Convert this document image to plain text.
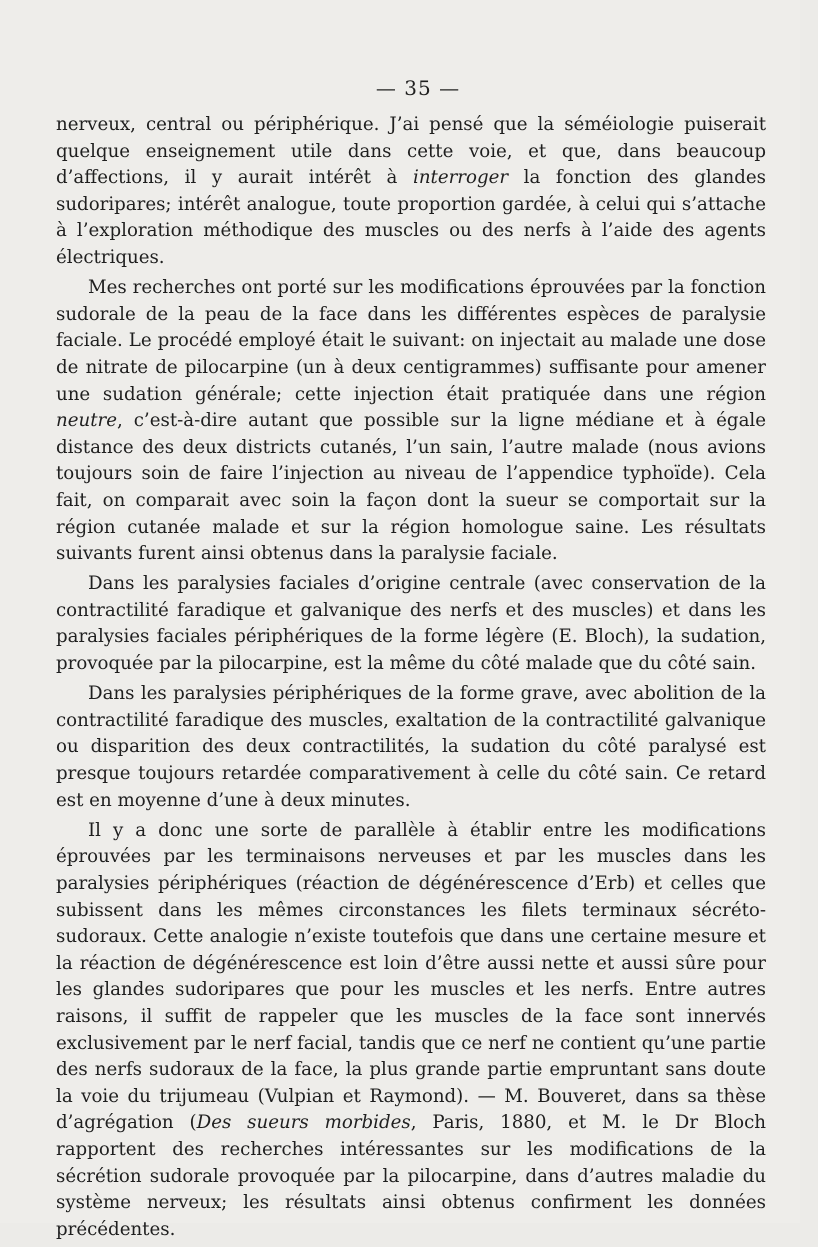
— 35 —

nerveux, central ou périphérique. J’ai pensé que la séméiologie puiserait quelque enseignement utile dans cette voie, et que, dans beaucoup d’affections, il y aurait intérêt à interroger la fonction des glandes sudoripares; intérêt analogue, toute proportion gardée, à celui qui s’attache à l’exploration méthodique des muscles ou des nerfs à l’aide des agents électriques.

Mes recherches ont porté sur les modifications éprouvées par la fonction sudorale de la peau de la face dans les différentes espèces de paralysie faciale. Le procédé employé était le suivant: on injectait au malade une dose de nitrate de pilocarpine (un à deux centigrammes) suffisante pour amener une sudation générale; cette injection était pratiquée dans une région neutre, c’est-à-dire autant que possible sur la ligne médiane et à égale distance des deux districts cutanés, l’un sain, l’autre malade (nous avions toujours soin de faire l’injection au niveau de l’appendice typhoïde). Cela fait, on comparait avec soin la façon dont la sueur se comportait sur la région cutanée malade et sur la région homologue saine. Les résultats suivants furent ainsi obtenus dans la paralysie faciale.

Dans les paralysies faciales d’origine centrale (avec conservation de la contractilité faradique et galvanique des nerfs et des muscles) et dans les paralysies faciales périphériques de la forme légère (E. Bloch), la sudation, provoquée par la pilocarpine, est la même du côté malade que du côté sain.

Dans les paralysies périphériques de la forme grave, avec abolition de la contractilité faradique des muscles, exaltation de la contractilité galvanique ou disparition des deux contractilités, la sudation du côté paralysé est presque toujours retardée comparativement à celle du côté sain. Ce retard est en moyenne d’une à deux minutes.

Il y a donc une sorte de parallèle à établir entre les modifications éprouvées par les terminaisons nerveuses et par les muscles dans les paralysies périphériques (réaction de dégénérescence d’Erb) et celles que subissent dans les mêmes circonstances les filets terminaux sécréto-sudoraux. Cette analogie n’existe toutefois que dans une certaine mesure et la réaction de dégénérescence est loin d’être aussi nette et aussi sûre pour les glandes sudoripares que pour les muscles et les nerfs. Entre autres raisons, il suffit de rappeler que les muscles de la face sont innervés exclusivement par le nerf facial, tandis que ce nerf ne contient qu’une partie des nerfs sudoraux de la face, la plus grande partie empruntant sans doute la voie du trijumeau (Vulpian et Raymond). — M. Bouveret, dans sa thèse d’agrégation (Des sueurs morbides, Paris, 1880, et M. le Dr Bloch rapportent des recherches intéressantes sur les modifications de la sécrétion sudorale provoquée par la pilocarpine, dans d’autres maladie du système nerveux; les résultats ainsi obtenus confirment les données précédentes.
